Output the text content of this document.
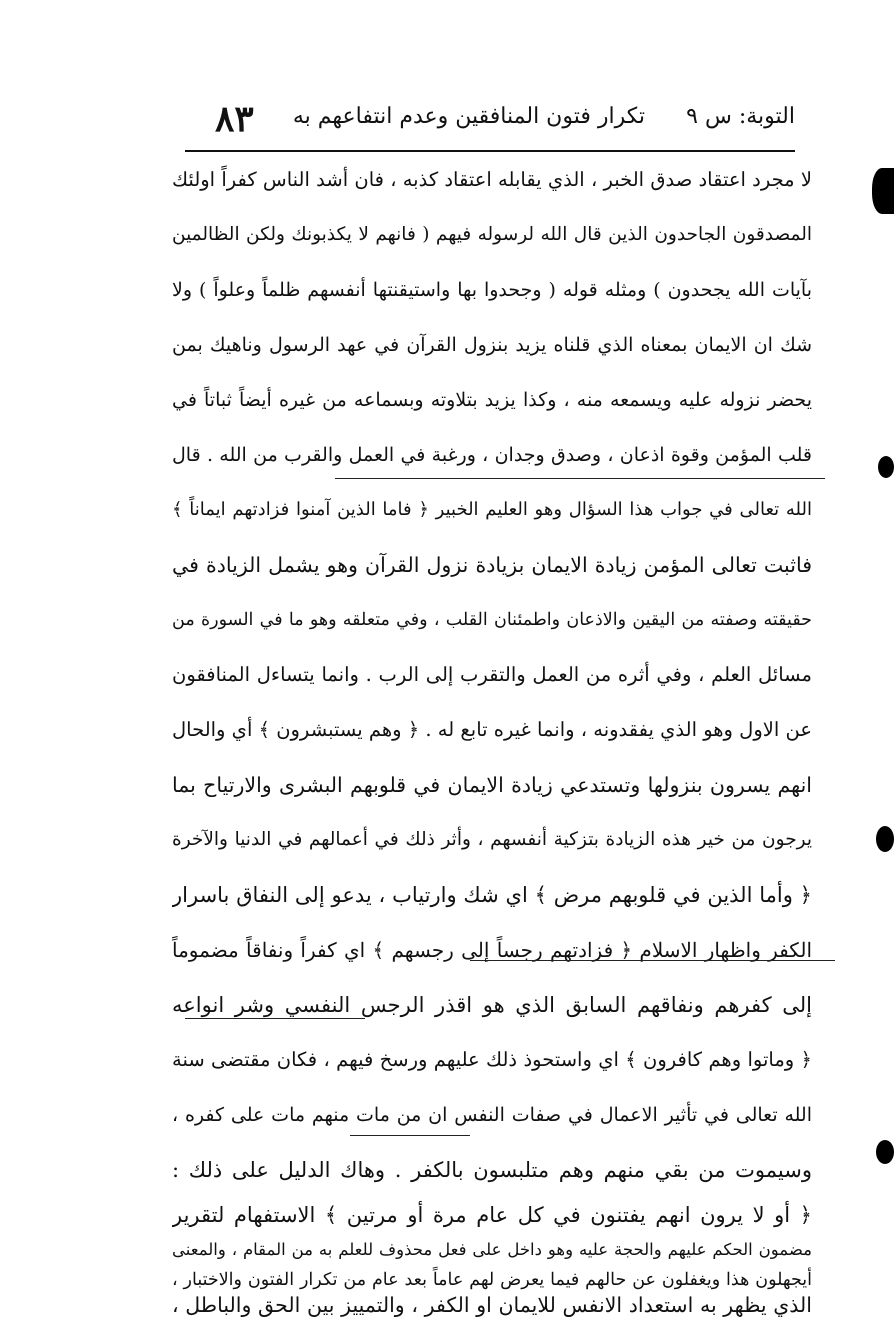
التوبة: س ٩
تكرار فتون المنافقين وعدم انتفاعهم به
٨٣
لا مجرد اعتقاد صدق الخبر ، الذي يقابله اعتقاد كذبه ، فان أشد الناس كفراً اولئك
المصدقون الجاحدون الذين قال الله لرسوله فيهم ( فانهم لا يكذبونك ولكن الظالمين
بآيات الله يجحدون ) ومثله قوله ( وجحدوا بها واستيقنتها أنفسهم ظلماً وعلواً ) ولا
شك ان الايمان بمعناه الذي قلناه يزيد بنزول القرآن في عهد الرسول وناهيك بمن
يحضر نزوله عليه ويسمعه منه ، وكذا يزيد بتلاوته وبسماعه من غيره أيضاً ثباتاً في
قلب المؤمن وقوة اذعان ، وصدق وجدان ، ورغبة في العمل والقرب من الله . قال
الله تعالى في جواب هذا السؤال وهو العليم الخبير ﴿ فاما الذين آمنوا فزادتهم ايماناً ﴾
فاثبت تعالى المؤمن زيادة الايمان بزيادة نزول القرآن وهو يشمل الزيادة في
حقيقته وصفته من اليقين والاذعان واطمئنان القلب ، وفي متعلقه وهو ما في السورة من
مسائل العلم ، وفي أثره من العمل والتقرب إلى الرب . وانما يتساءل المنافقون
عن الاول وهو الذي يفقدونه ، وانما غيره تابع له . ﴿ وهم يستبشرون ﴾ أي والحال
انهم يسرون بنزولها وتستدعي زيادة الايمان في قلوبهم البشرى والارتياح بما
يرجون من خير هذه الزيادة بتزكية أنفسهم ، وأثر ذلك في أعمالهم في الدنيا والآخرة
﴿ وأما الذين في قلوبهم مرض ﴾ اي شك وارتياب ، يدعو إلى النفاق باسرار
الكفر واظهار الاسلام ﴿ فزادتهم رجساً إلى رجسهم ﴾ اي كفراً ونفاقاً مضموماً
إلى كفرهم ونفاقهم السابق الذي هو اقذر الرجس النفسي وشر انواعه
﴿ وماتوا وهم كافرون ﴾ اي واستحوذ ذلك عليهم ورسخ فيهم ، فكان مقتضى سنة
الله تعالى في تأثير الاعمال في صفات النفس ان من مات منهم مات على كفره ،
وسيموت من بقي منهم وهم متلبسون بالكفر . وهاك الدليل على ذلك :
﴿ أو لا يرون انهم يفتنون في كل عام مرة أو مرتين ﴾ الاستفهام لتقرير
مضمون الحكم عليهم والحجة عليه وهو داخل على فعل محذوف للعلم به من المقام ، والمعنى
أيجهلون هذا ويغفلون عن حالهم فيما يعرض لهم عاماً بعد عام من تكرار الفتون والاختبار ،
الذي يظهر به استعداد الانفس للايمان او الكفر ، والتمييز بين الحق والباطل ،
